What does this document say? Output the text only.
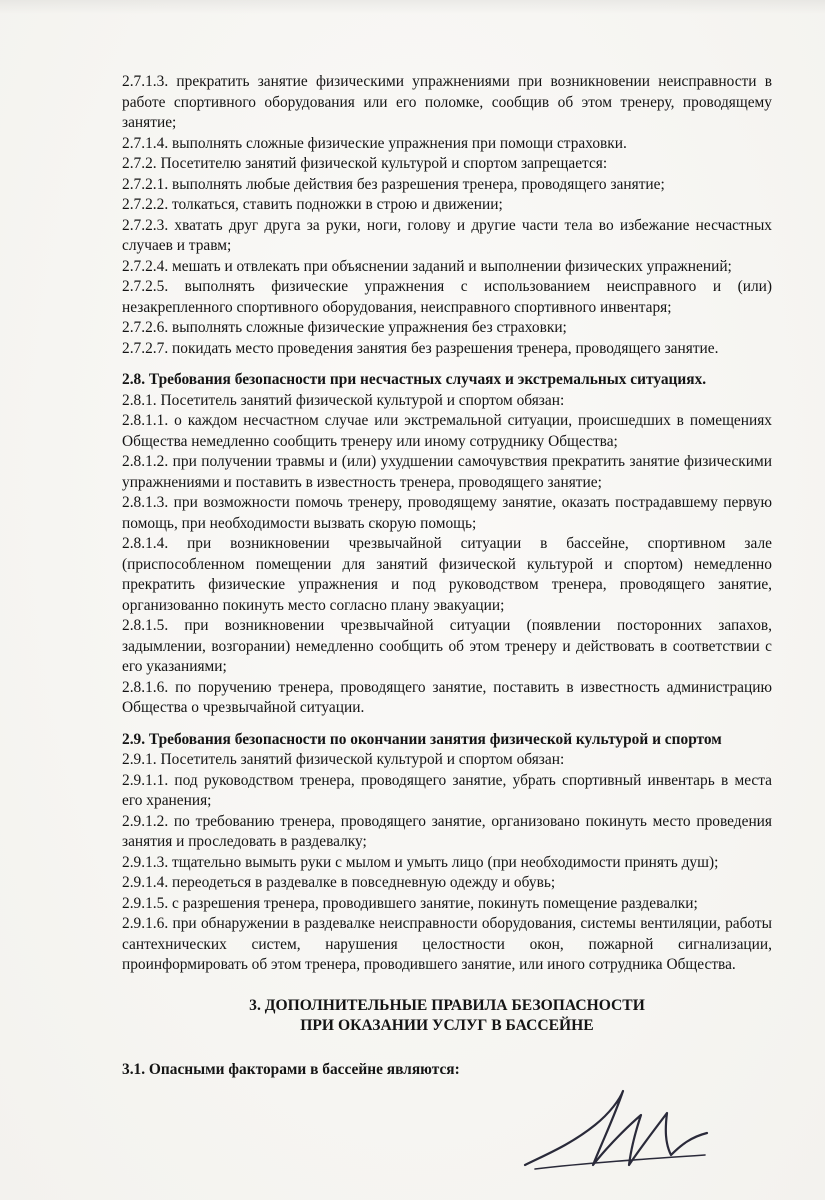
2.7.1.3. прекратить занятие физическими упражнениями при возникновении неисправности в работе спортивного оборудования или его поломке, сообщив об этом тренеру, проводящему занятие;
2.7.1.4. выполнять сложные физические упражнения при помощи страховки.
2.7.2. Посетителю занятий физической культурой и спортом запрещается:
2.7.2.1. выполнять любые действия без разрешения тренера, проводящего занятие;
2.7.2.2. толкаться, ставить подножки в строю и движении;
2.7.2.3. хватать друг друга за руки, ноги, голову и другие части тела во избежание несчастных случаев и травм;
2.7.2.4. мешать и отвлекать при объяснении заданий и выполнении физических упражнений;
2.7.2.5. выполнять физические упражнения с использованием неисправного и (или) незакрепленного спортивного оборудования, неисправного спортивного инвентаря;
2.7.2.6. выполнять сложные физические упражнения без страховки;
2.7.2.7. покидать место проведения занятия без разрешения тренера, проводящего занятие.
2.8. Требования безопасности при несчастных случаях и экстремальных ситуациях.
2.8.1. Посетитель занятий физической культурой и спортом обязан:
2.8.1.1. о каждом несчастном случае или экстремальной ситуации, происшедших в помещениях Общества немедленно сообщить тренеру или иному сотруднику Общества;
2.8.1.2. при получении травмы и (или) ухудшении самочувствия прекратить занятие физическими упражнениями и поставить в известность тренера, проводящего занятие;
2.8.1.3. при возможности помочь тренеру, проводящему занятие, оказать пострадавшему первую помощь, при необходимости вызвать скорую помощь;
2.8.1.4. при возникновении чрезвычайной ситуации в бассейне, спортивном зале (приспособленном помещении для занятий физической культурой и спортом) немедленно прекратить физические упражнения и под руководством тренера, проводящего занятие, организованно покинуть место согласно плану эвакуации;
2.8.1.5. при возникновении чрезвычайной ситуации (появлении посторонних запахов, задымлении, возгорании) немедленно сообщить об этом тренеру и действовать в соответствии с его указаниями;
2.8.1.6. по поручению тренера, проводящего занятие, поставить в известность администрацию Общества о чрезвычайной ситуации.
2.9. Требования безопасности по окончании занятия физической культурой и спортом
2.9.1. Посетитель занятий физической культурой и спортом обязан:
2.9.1.1. под руководством тренера, проводящего занятие, убрать спортивный инвентарь в места его хранения;
2.9.1.2. по требованию тренера, проводящего занятие, организовано покинуть место проведения занятия и проследовать в раздевалку;
2.9.1.3. тщательно вымыть руки с мылом и умыть лицо (при необходимости принять душ);
2.9.1.4. переодеться в раздевалке в повседневную одежду и обувь;
2.9.1.5. с разрешения тренера, проводившего занятие, покинуть помещение раздевалки;
2.9.1.6. при обнаружении в раздевалке неисправности оборудования, системы вентиляции, работы сантехнических систем, нарушения целостности окон, пожарной сигнализации, проинформировать об этом тренера, проводившего занятие, или иного сотрудника Общества.
3. ДОПОЛНИТЕЛЬНЫЕ ПРАВИЛА БЕЗОПАСНОСТИ
ПРИ ОКАЗАНИИ УСЛУГ В БАССЕЙНЕ
3.1. Опасными факторами в бассейне являются:
